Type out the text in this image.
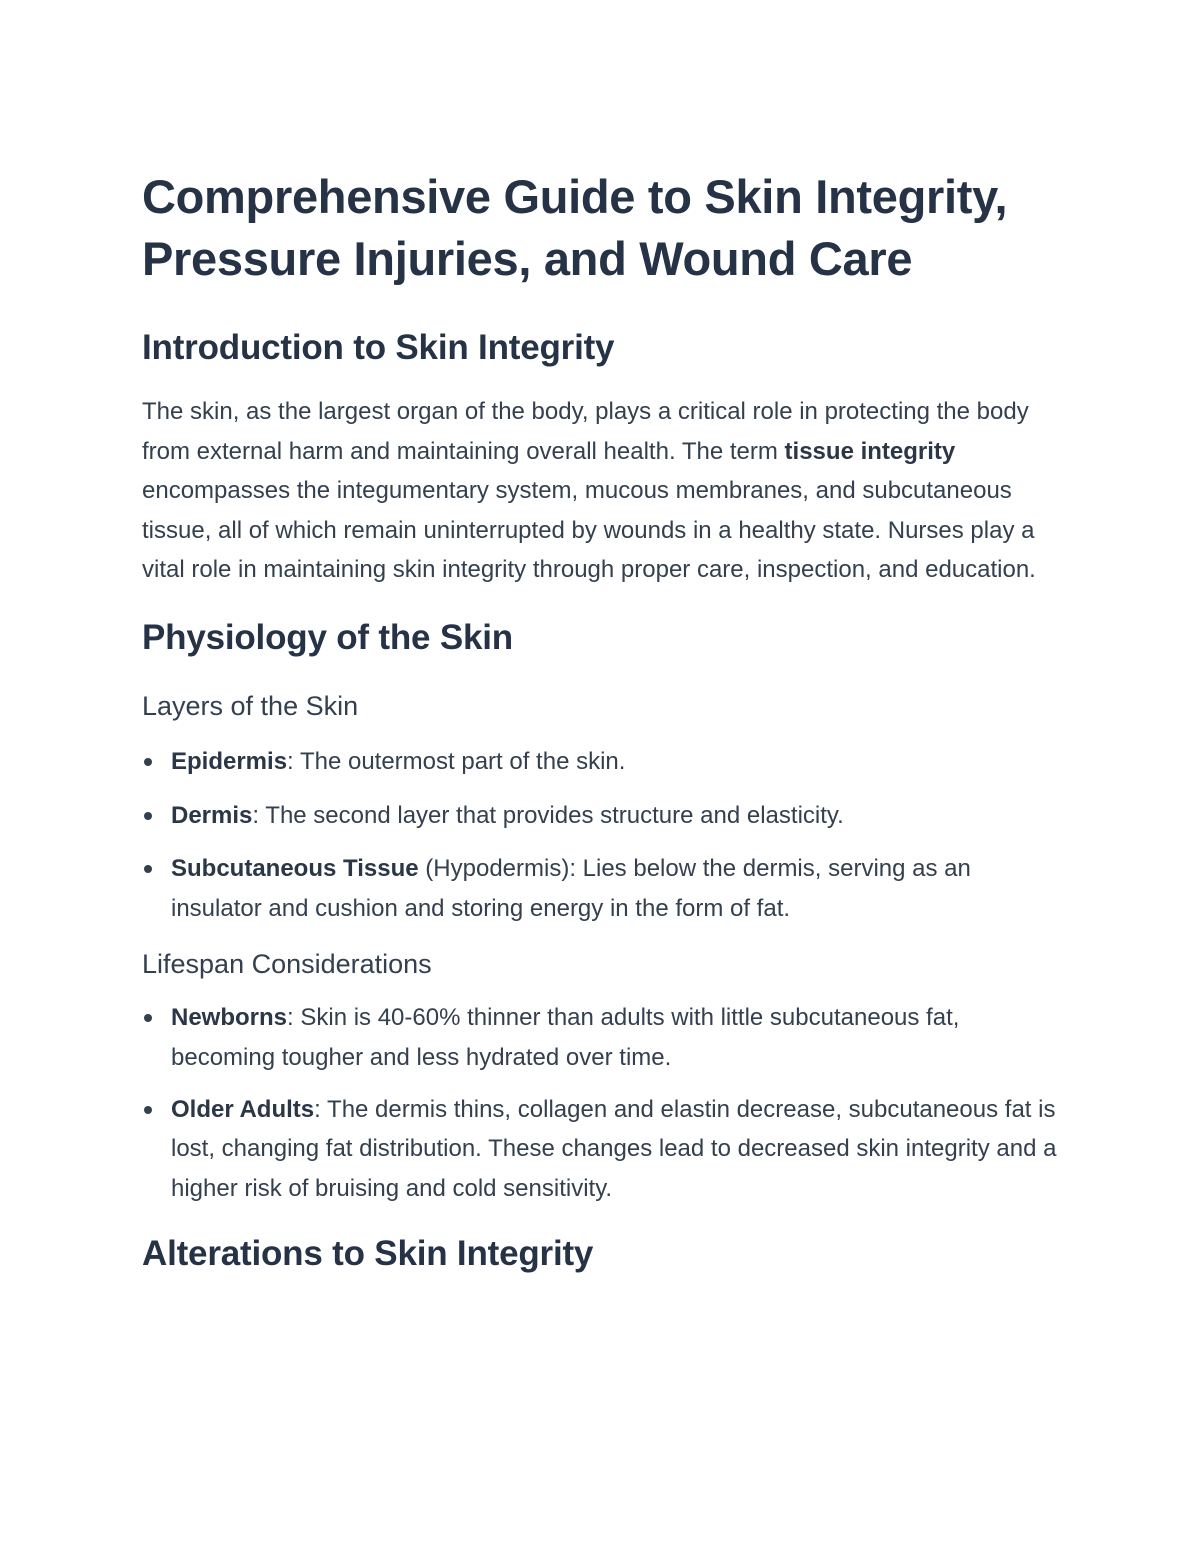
Comprehensive Guide to Skin Integrity, Pressure Injuries, and Wound Care
Introduction to Skin Integrity

The skin, as the largest organ of the body, plays a critical role in protecting the body from external harm and maintaining overall health. The term tissue integrity encompasses the integumentary system, mucous membranes, and subcutaneous tissue, all of which remain uninterrupted by wounds in a healthy state. Nurses play a vital role in maintaining skin integrity through proper care, inspection, and education.

Physiology of the Skin
Layers of the Skin
Epidermis: The outermost part of the skin.
Dermis: The second layer that provides structure and elasticity.
Subcutaneous Tissue (Hypodermis): Lies below the dermis, serving as an insulator and cushion and storing energy in the form of fat.
Lifespan Considerations
Newborns: Skin is 40-60% thinner than adults with little subcutaneous fat, becoming tougher and less hydrated over time.
Older Adults: The dermis thins, collagen and elastin decrease, subcutaneous fat is lost, changing fat distribution. These changes lead to decreased skin integrity and a higher risk of bruising and cold sensitivity.
Alterations to Skin Integrity
